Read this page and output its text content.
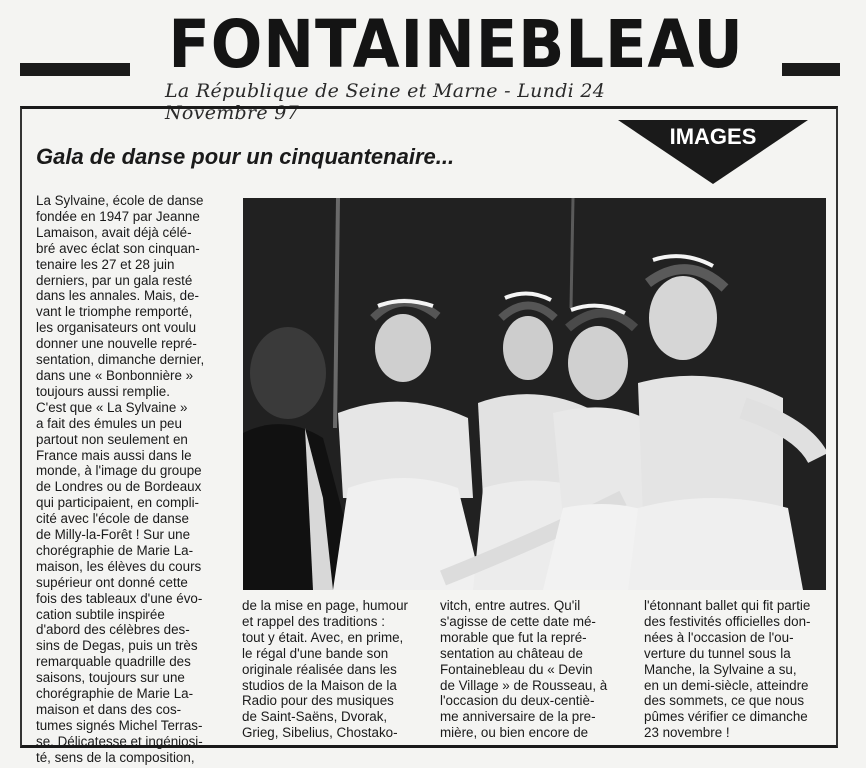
FONTAINEBLEAU
La République de Seine et Marne - Lundi 24 Novembre 97
IMAGES
Gala de danse pour un cinquantenaire...
La Sylvaine, école de danse
fondée en 1947 par Jeanne
Lamaison, avait déjà célé-
bré avec éclat son cinquan-
tenaire les 27 et 28 juin
derniers, par un gala resté
dans les annales. Mais, de-
vant le triomphe remporté,
les organisateurs ont voulu
donner une nouvelle repré-
sentation, dimanche dernier,
dans une « Bonbonnière »
toujours aussi remplie.
C'est que « La Sylvaine »
a fait des émules un peu
partout non seulement en
France mais aussi dans le
monde, à l'image du groupe
de Londres ou de Bordeaux
qui participaient, en compli-
cité avec l'école de danse
de Milly-la-Forêt ! Sur une
chorégraphie de Marie La-
maison, les élèves du cours
supérieur ont donné cette
fois des tableaux d'une évo-
cation subtile inspirée
d'abord des célèbres des-
sins de Degas, puis un très
remarquable quadrille des
saisons, toujours sur une
chorégraphie de Marie La-
maison et dans des cos-
tumes signés Michel Terras-
se. Délicatesse et ingéniosi-
té, sens de la composition,
de la mise en page, humour
et rappel des traditions :
tout y était. Avec, en prime,
le régal d'une bande son
originale réalisée dans les
studios de la Maison de la
Radio pour des musiques
de Saint-Saëns, Dvorak,
Grieg, Sibelius, Chostako-
vitch, entre autres. Qu'il
s'agisse de cette date mé-
morable que fut la repré-
sentation au château de
Fontainebleau du « Devin
de Village » de Rousseau, à
l'occasion du deux-centiè-
me anniversaire de la pre-
mière, ou bien encore de
l'étonnant ballet qui fit partie
des festivités officielles don-
nées à l'occasion de l'ou-
verture du tunnel sous la
Manche, la Sylvaine a su,
en un demi-siècle, atteindre
des sommets, ce que nous
pûmes vérifier ce dimanche
23 novembre !
